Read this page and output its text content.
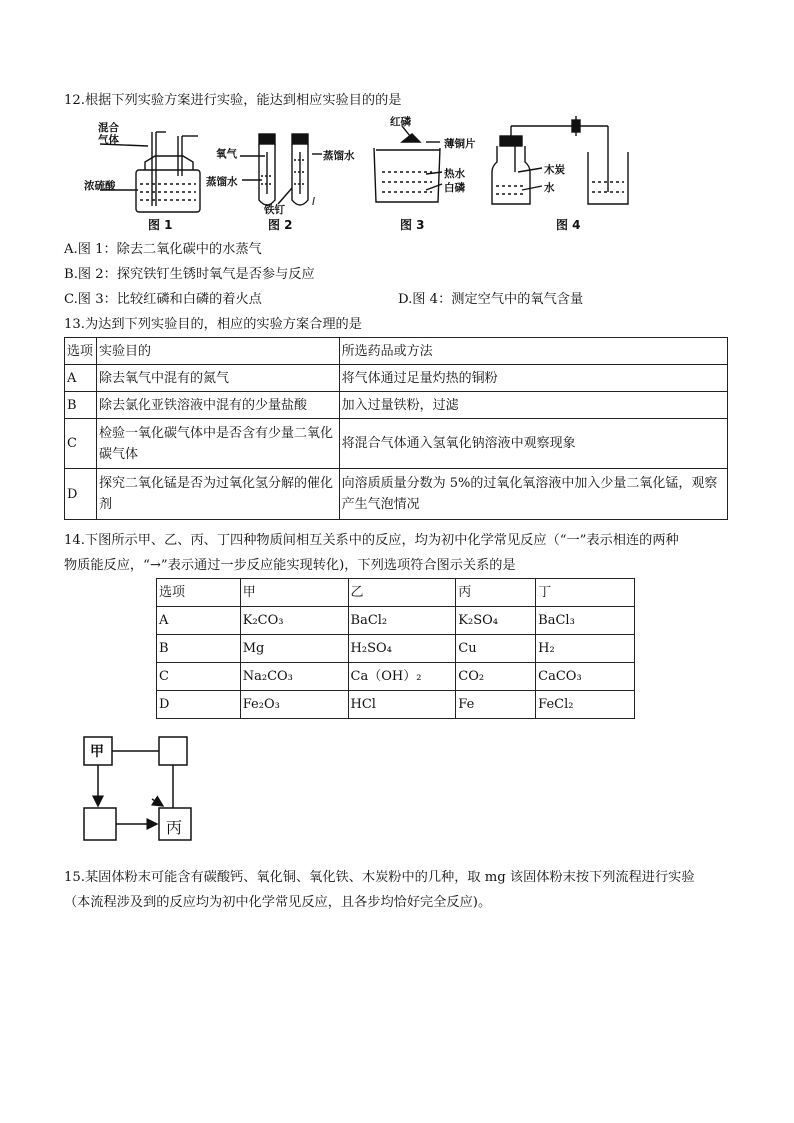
12.根据下列实验方案进行实验，能达到相应实验目的的是
混合
气体
浓硫酸
图 1
氧气
蒸馏水
蒸馏水
铁钉
I
图 2
红磷
薄铜片
热水
白磷
图 3
木炭
水
图 4
A.图 1：除去二氧化碳中的水蒸气
B.图 2：探究铁钉生锈时氧气是否参与反应
C.图 3：比较红磷和白磷的着火点	D.图 4：测定空气中的氧气含量
13.为达到下列实验目的，相应的实验方案合理的是
选项	实验目的	所选药品或方法
A	除去氧气中混有的氮气	将气体通过足量灼热的铜粉
B	除去氯化亚铁溶液中混有的少量盐酸	加入过量铁粉，过滤
C	检验一氧化碳气体中是否含有少量二氧化碳气体	将混合气体通入氢氧化钠溶液中观察现象
D	探究二氧化锰是否为过氧化氢分解的催化剂	向溶质质量分数为 5%的过氧化氧溶液中加入少量二氧化锰，观察产生气泡情况
14.下图所示甲、乙、丙、丁四种物质间相互关系中的反应，均为初中化学常见反应（“一”表示相连的两种
物质能反应，“→”表示通过一步反应能实现转化)，下列选项符合图示关系的是
选项	甲	乙	丙	丁
A	K₂CO₃	BaCl₂	K₂SO₄	BaCl₃
B	Mg	H₂SO₄	Cu	H₂
C	Na₂CO₃	Ca（OH）₂	CO₂	CaCO₃
D	Fe₂O₃	HCl	Fe	FeCl₂
甲
丙
15.某固体粉末可能含有碳酸钙、氧化铜、氧化铁、木炭粉中的几种，取 mg 该固体粉末按下列流程进行实验
（本流程涉及到的反应均为初中化学常见反应，且各步均恰好完全反应)。
